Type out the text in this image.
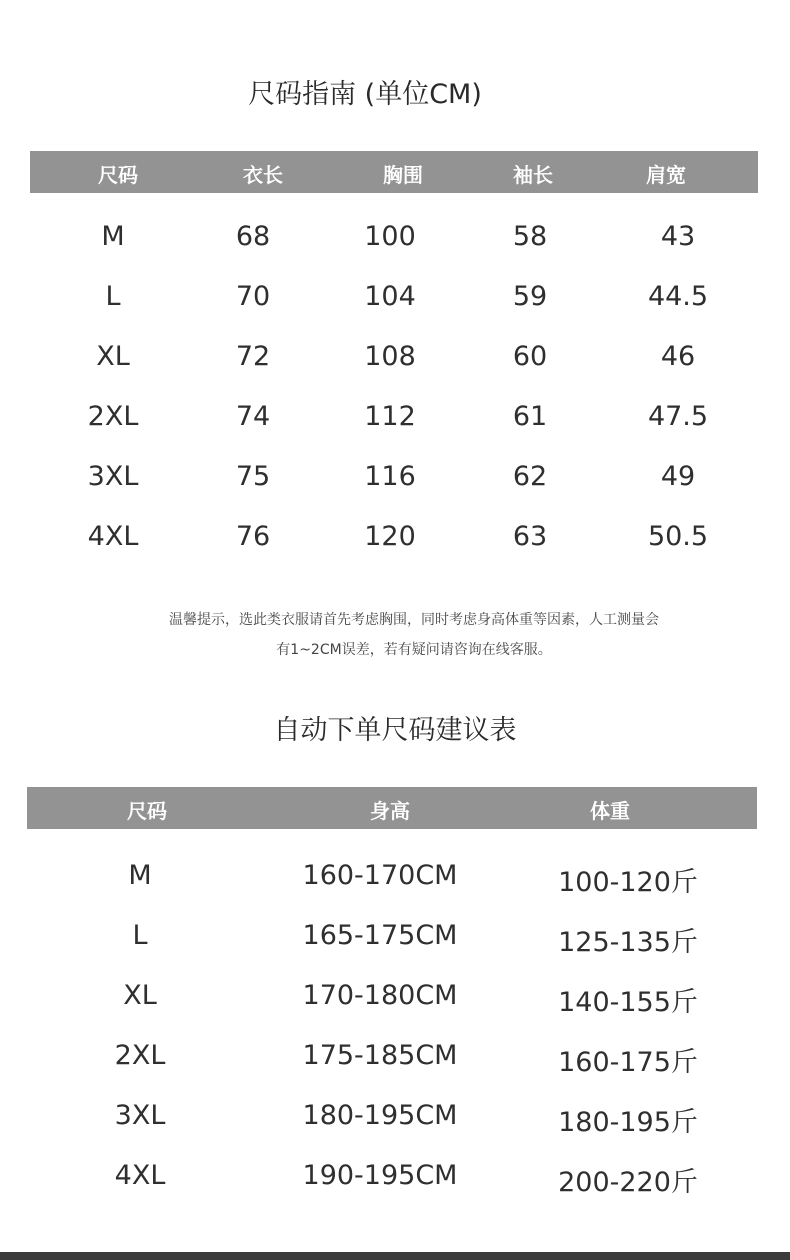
尺码指南 (单位CM)
尺码	衣长	胸围	袖长	肩宽
M	68	100	58	43
L	70	104	59	44.5
XL	72	108	60	46
2XL	74	112	61	47.5
3XL	75	116	62	49
4XL	76	120	63	50.5
温馨提示，选此类衣服请首先考虑胸围，同时考虑身高体重等因素，人工测量会
有1~2CM误差，若有疑问请咨询在线客服。
自动下单尺码建议表
尺码	身高	体重
M	160-170CM	100-120斤
L	165-175CM	125-135斤
XL	170-180CM	140-155斤
2XL	175-185CM	160-175斤
3XL	180-195CM	180-195斤
4XL	190-195CM	200-220斤
